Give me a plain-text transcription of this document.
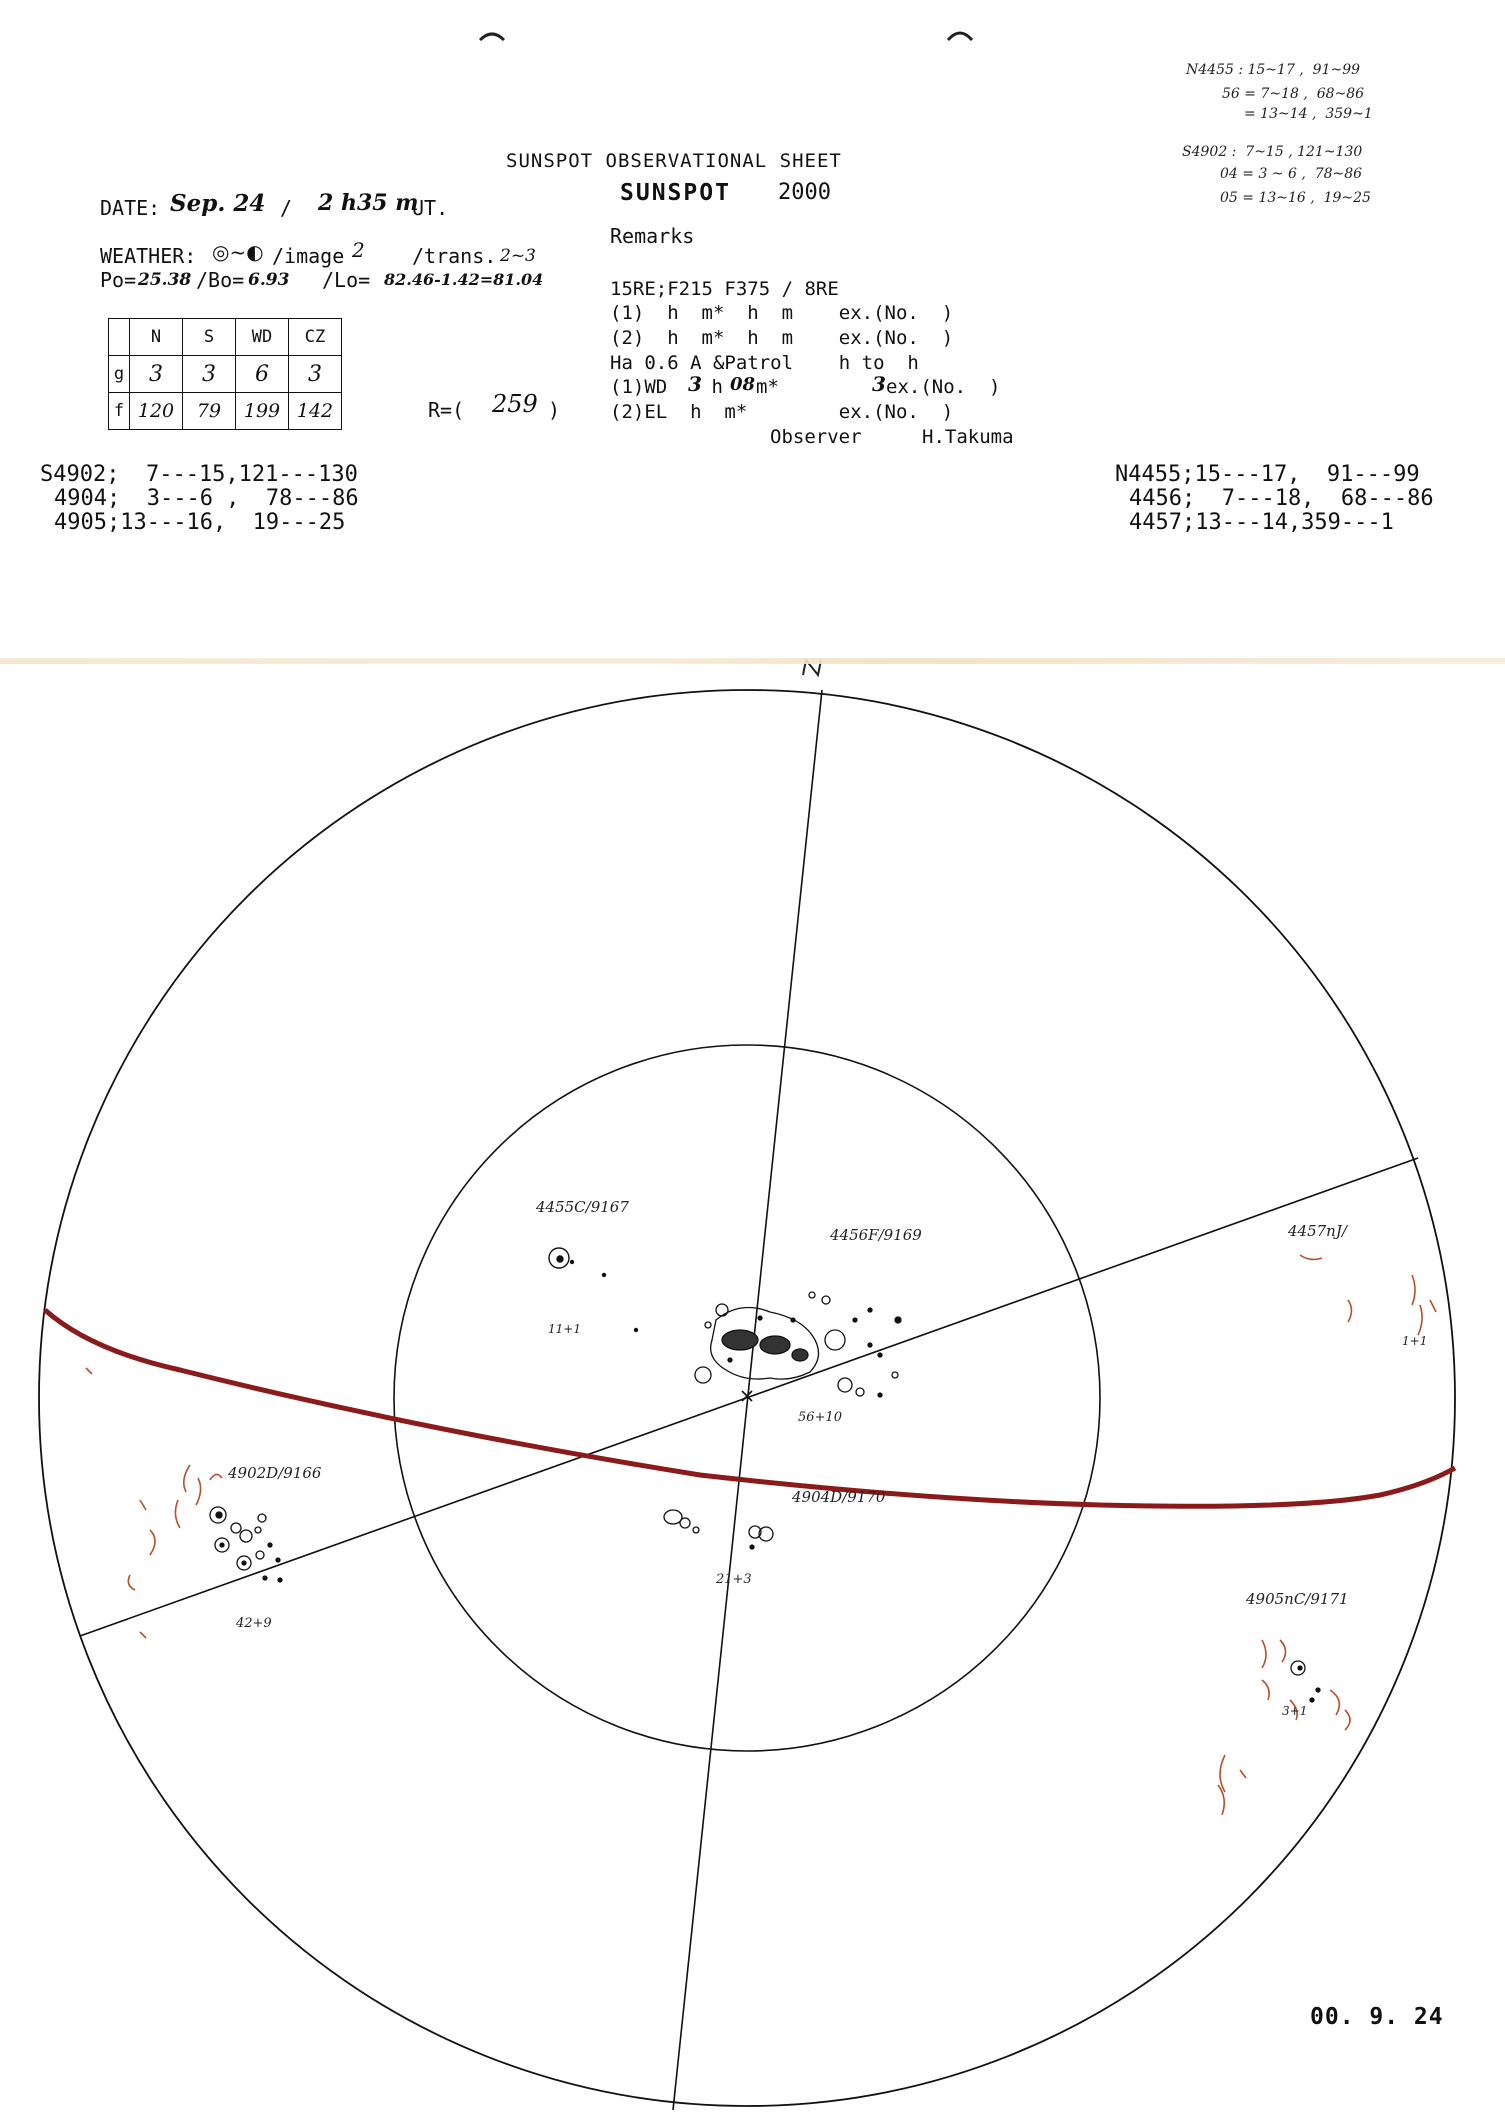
SUNSPOT OBSERVATIONAL SHEET
SUNSPOT 2000
Remarks
DATE: Sep. 24 / 2 h35 m
UT.
WEATHER: ◎~◐ /image 2 /trans. 2~3
Po= 25.38 /Bo= 6.93 /Lo= 82.46-1.42=81.04
	N	S	WD	CZ
g	3	3	6	3
f	120	79	199	142	R=( 259 )
15RE;F215 F375 / 8RE
(1)  h  m*  h  m    ex.(No.  )
(2)  h  m*  h  m    ex.(No.  )
Ha 0.6 A &Patrol    h to  h
(1)WD 3
h 08 m*	3 ex.(No.  )
(2)EL  h  m*        ex.(No.  )
Observer	H.Takuma
N4455 : 15~17 ,  91~99
56 = 7~18 ,  68~86
= 13~14 ,  359~1
S4902 :  7~15 , 121~130
04 = 3 ~ 6 ,  78~86
05 = 13~16 ,  19~25
S4902;  7---15,121---130
4904;  3---6 ,  78---86
4905;13---16,  19---25
N4455;15---17,  91---99
4456;  7---18,  68---86
4457;13---14,359---1
4455C/9167
11+1
4456F/9169
56+10
4457nJ/
1+1
4902D/9166
42+9
4904D/9170
21+3
4905nC/9171
3+1
00. 9. 24
